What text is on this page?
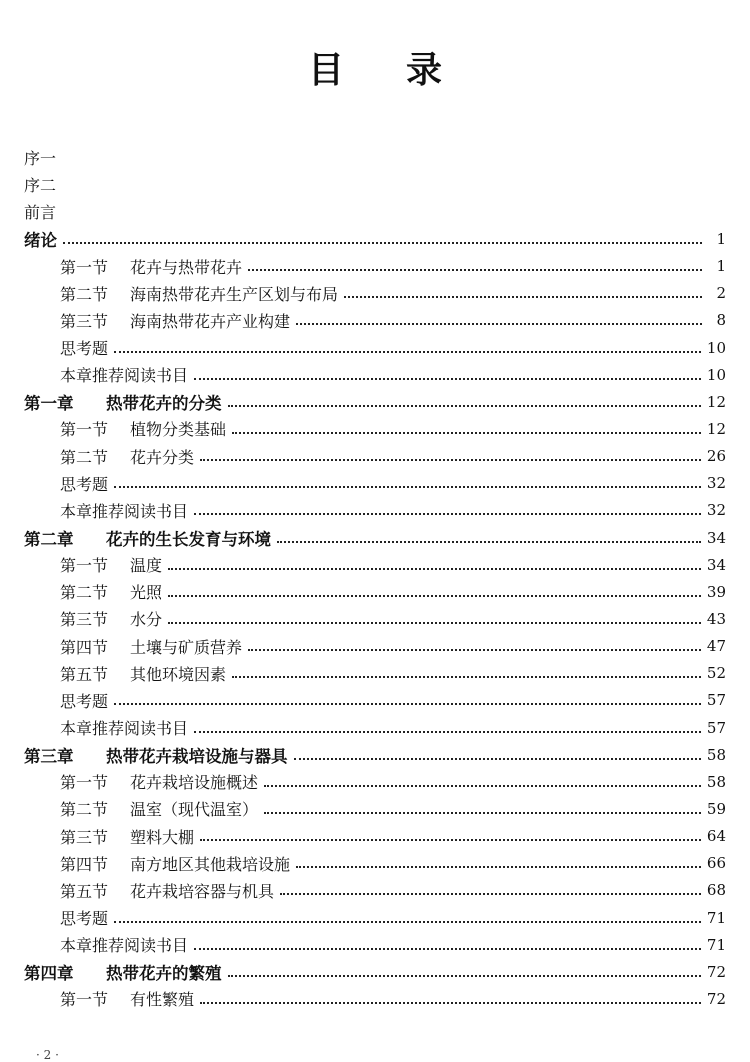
目 录
序一
序二
前言
绪论	1
第一节	花卉与热带花卉	1
第二节	海南热带花卉生产区划与布局	2
第三节	海南热带花卉产业构建	8
思考题	10
本章推荐阅读书目	10
第一章	热带花卉的分类	12
第一节	植物分类基础	12
第二节	花卉分类	26
思考题	32
本章推荐阅读书目	32
第二章	花卉的生长发育与环境	34
第一节	温度	34
第二节	光照	39
第三节	水分	43
第四节	土壤与矿质营养	47
第五节	其他环境因素	52
思考题	57
本章推荐阅读书目	57
第三章	热带花卉栽培设施与器具	58
第一节	花卉栽培设施概述	58
第二节	温室（现代温室）	59
第三节	塑料大棚	64
第四节	南方地区其他栽培设施	66
第五节	花卉栽培容器与机具	68
思考题	71
本章推荐阅读书目	71
第四章	热带花卉的繁殖	72
第一节	有性繁殖	72
· 2 ·
